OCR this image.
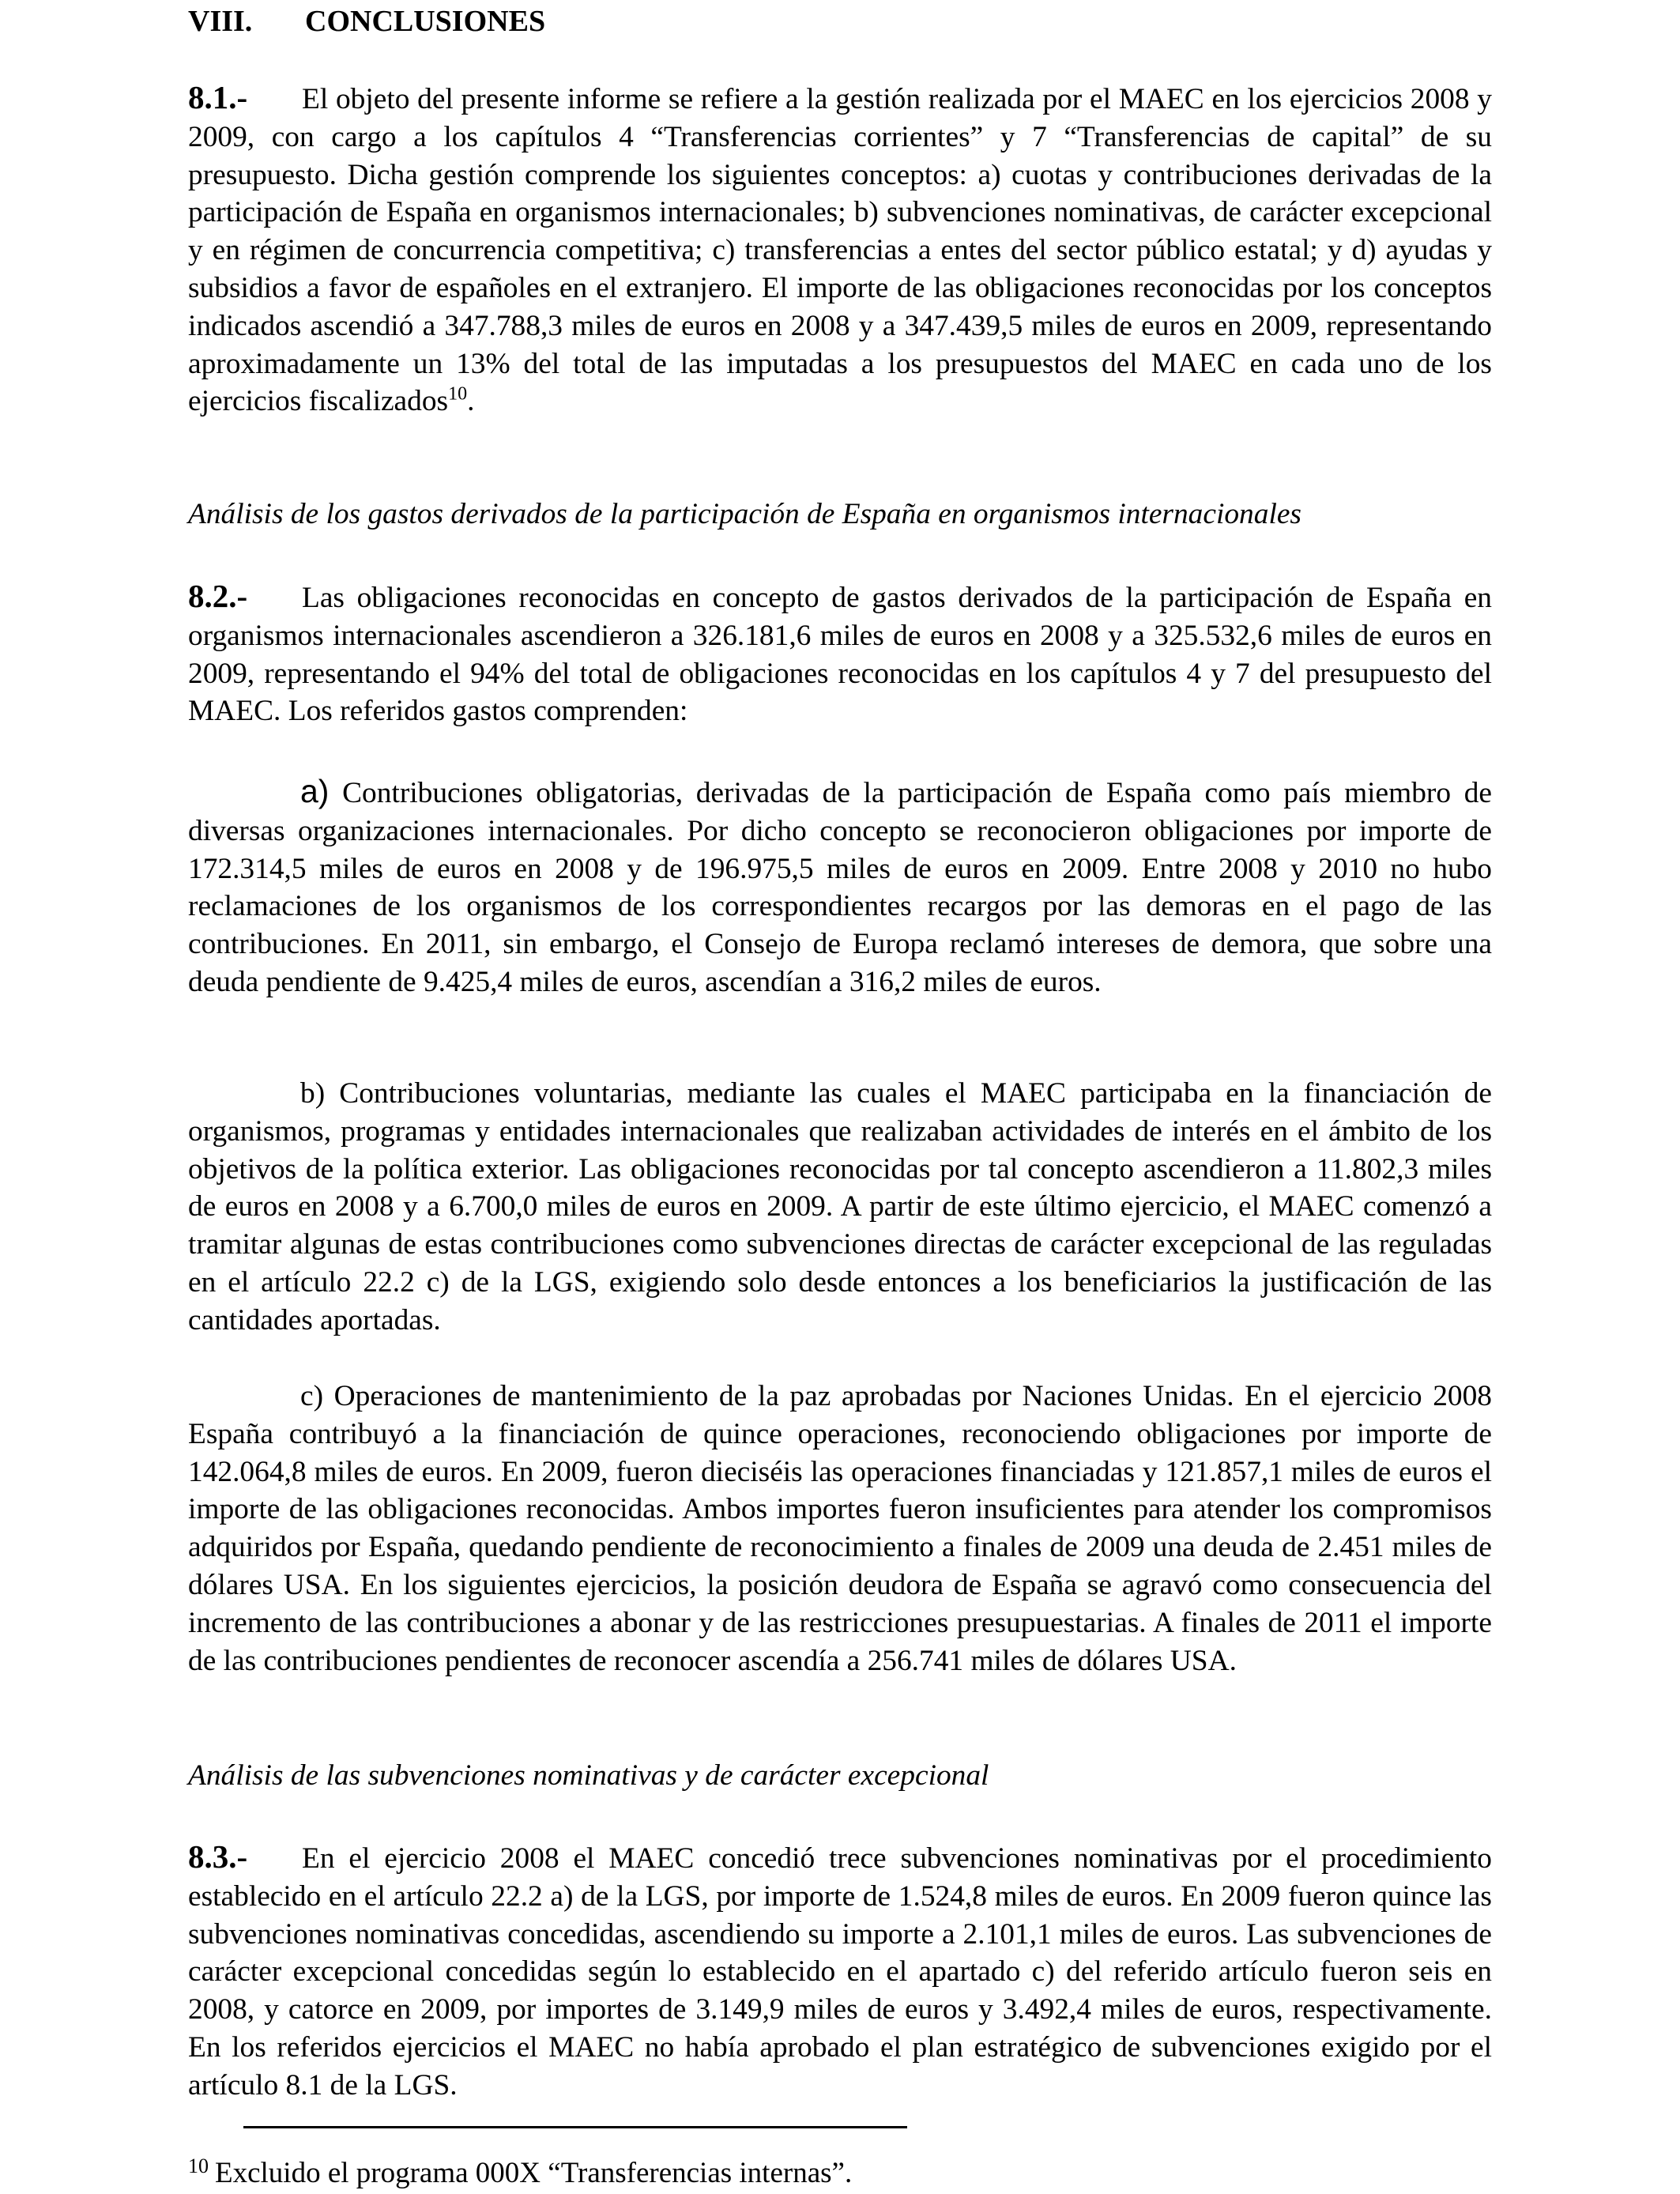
VIII. CONCLUSIONES
8.1.- El objeto del presente informe se refiere a la gestión realizada por el MAEC en los ejercicios 2008 y 2009, con cargo a los capítulos 4 “Transferencias corrientes” y 7 “Transferencias de capital” de su presupuesto. Dicha gestión comprende los siguientes conceptos: a) cuotas y contribuciones derivadas de la participación de España en organismos internacionales; b) subvenciones nominativas, de carácter excepcional y en régimen de concurrencia competitiva; c) transferencias a entes del sector público estatal; y d) ayudas y subsidios a favor de españoles en el extranjero. El importe de las obligaciones reconocidas por los conceptos indicados ascendió a 347.788,3 miles de euros en 2008 y a 347.439,5 miles de euros en 2009, representando aproximadamente un 13% del total de las imputadas a los presupuestos del MAEC en cada uno de los ejercicios fiscalizados$^{10}$.
Análisis de los gastos derivados de la participación de España en organismos internacionales
8.2.- Las obligaciones reconocidas en concepto de gastos derivados de la participación de España en organismos internacionales ascendieron a 326.181,6 miles de euros en 2008 y a 325.532,6 miles de euros en 2009, representando el 94% del total de obligaciones reconocidas en los capítulos 4 y 7 del presupuesto del MAEC. Los referidos gastos comprenden:
a) Contribuciones obligatorias, derivadas de la participación de España como país miembro de diversas organizaciones internacionales. Por dicho concepto se reconocieron obligaciones por importe de 172.314,5 miles de euros en 2008 y de 196.975,5 miles de euros en 2009. Entre 2008 y 2010 no hubo reclamaciones de los organismos de los correspondientes recargos por las demoras en el pago de las contribuciones. En 2011, sin embargo, el Consejo de Europa reclamó intereses de demora, que sobre una deuda pendiente de 9.425,4 miles de euros, ascendían a 316,2 miles de euros.
b) Contribuciones voluntarias, mediante las cuales el MAEC participaba en la financiación de organismos, programas y entidades internacionales que realizaban actividades de interés en el ámbito de los objetivos de la política exterior. Las obligaciones reconocidas por tal concepto ascendieron a 11.802,3 miles de euros en 2008 y a 6.700,0 miles de euros en 2009. A partir de este último ejercicio, el MAEC comenzó a tramitar algunas de estas contribuciones como subvenciones directas de carácter excepcional de las reguladas en el artículo 22.2 c) de la LGS, exigiendo solo desde entonces a los beneficiarios la justificación de las cantidades aportadas.
c) Operaciones de mantenimiento de la paz aprobadas por Naciones Unidas. En el ejercicio 2008 España contribuyó a la financiación de quince operaciones, reconociendo obligaciones por importe de 142.064,8 miles de euros. En 2009, fueron dieciséis las operaciones financiadas y 121.857,1 miles de euros el importe de las obligaciones reconocidas. Ambos importes fueron insuficientes para atender los compromisos adquiridos por España, quedando pendiente de reconocimiento a finales de 2009 una deuda de 2.451 miles de dólares USA. En los siguientes ejercicios, la posición deudora de España se agravó como consecuencia del incremento de las contribuciones a abonar y de las restricciones presupuestarias. A finales de 2011 el importe de las contribuciones pendientes de reconocer ascendía a 256.741 miles de dólares USA.
Análisis de las subvenciones nominativas y de carácter excepcional
8.3.- En el ejercicio 2008 el MAEC concedió trece subvenciones nominativas por el procedimiento establecido en el artículo 22.2 a) de la LGS, por importe de 1.524,8 miles de euros. En 2009 fueron quince las subvenciones nominativas concedidas, ascendiendo su importe a 2.101,1 miles de euros. Las subvenciones de carácter excepcional concedidas según lo establecido en el apartado c) del referido artículo fueron seis en 2008, y catorce en 2009, por importes de 3.149,9 miles de euros y 3.492,4 miles de euros, respectivamente. En los referidos ejercicios el MAEC no había aprobado el plan estratégico de subvenciones exigido por el artículo 8.1 de la LGS.
$^{10}$ Excluido el programa 000X “Transferencias internas”.
